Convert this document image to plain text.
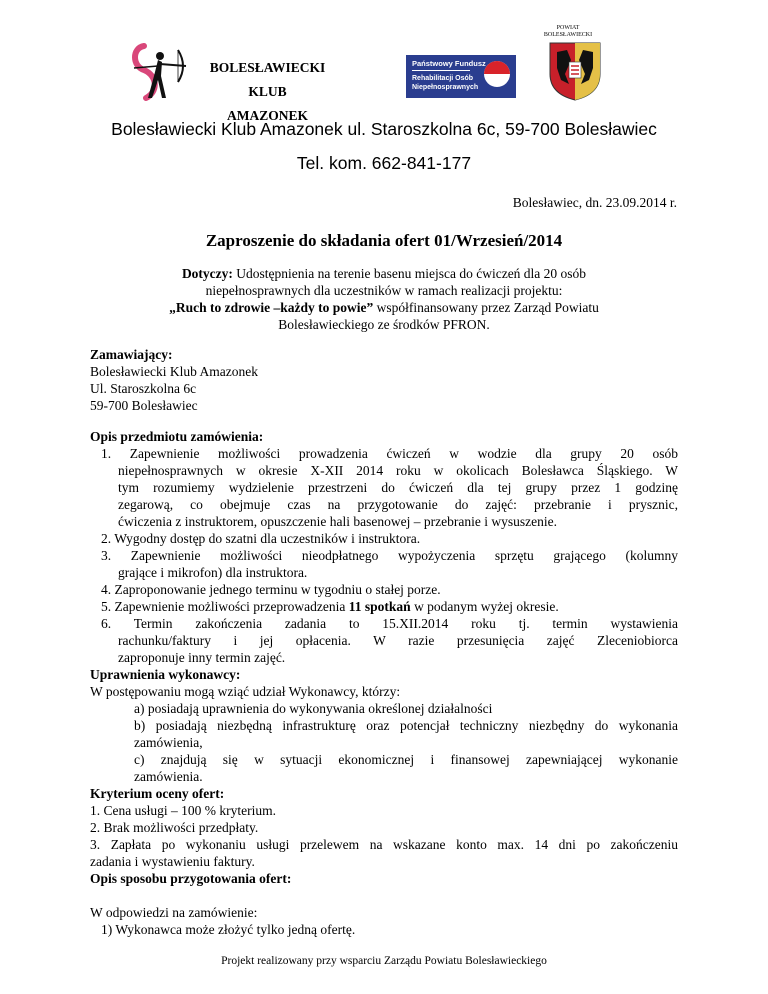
POWIAT
BOLESŁAWIECKI
BOLESŁAWIECKI KLUB
AMAZONEK
Państwowy Fundusz
Rehabilitacji Osób
Niepełnosprawnych
Bolesławiecki Klub Amazonek ul. Staroszkolna 6c, 59-700 Bolesławiec
Tel. kom. 662-841-177
Bolesławiec, dn. 23.09.2014 r.
Zaproszenie do składania ofert 01/Wrzesień/2014
Dotyczy: Udostępnienia na terenie basenu miejsca do ćwiczeń dla 20 osób
niepełnosprawnych dla uczestników w ramach realizacji projektu:
„Ruch to zdrowie –każdy to powie” współfinansowany przez Zarząd Powiatu
Bolesławieckiego ze środków PFRON.
Zamawiający:
Bolesławiecki Klub Amazonek
Ul. Staroszkolna 6c
59-700 Bolesławiec
Opis przedmiotu zamówienia:
1. Zapewnienie możliwości prowadzenia ćwiczeń w wodzie dla grupy 20 osób
niepełnosprawnych w okresie X-XII 2014 roku w okolicach Bolesławca Śląskiego. W
tym rozumiemy wydzielenie przestrzeni do ćwiczeń dla tej grupy przez 1 godzinę
zegarową, co obejmuje czas na przygotowanie do zajęć: przebranie i prysznic,
ćwiczenia z instruktorem, opuszczenie hali basenowej – przebranie i wysuszenie.
2. Wygodny dostęp do szatni dla uczestników i instruktora.
3. Zapewnienie możliwości nieodpłatnego wypożyczenia sprzętu grającego (kolumny
grające i mikrofon) dla instruktora.
4. Zaproponowanie jednego terminu w tygodniu o stałej porze.
5. Zapewnienie możliwości przeprowadzenia 11 spotkań w podanym wyżej okresie.
6. Termin zakończenia zadania to 15.XII.2014 roku tj. termin wystawienia
rachunku/faktury i jej opłacenia. W razie przesunięcia zajęć Zleceniobiorca
zaproponuje inny termin zajęć.
Uprawnienia wykonawcy:
W postępowaniu mogą wziąć udział Wykonawcy, którzy:
a) posiadają uprawnienia do wykonywania określonej działalności
b) posiadają niezbędną infrastrukturę oraz potencjał techniczny niezbędny do wykonania
zamówienia,
c) znajdują się w sytuacji ekonomicznej i finansowej zapewniającej wykonanie
zamówienia.
Kryterium oceny ofert:
1. Cena usługi – 100 % kryterium.
2. Brak możliwości przedpłaty.
3. Zapłata po wykonaniu usługi przelewem na wskazane konto max. 14 dni po zakończeniu
zadania i wystawieniu faktury.
Opis sposobu przygotowania ofert:
W odpowiedzi na zamówienie:
1) Wykonawca może złożyć tylko jedną ofertę.
Projekt realizowany przy wsparciu Zarządu Powiatu Bolesławieckiego
